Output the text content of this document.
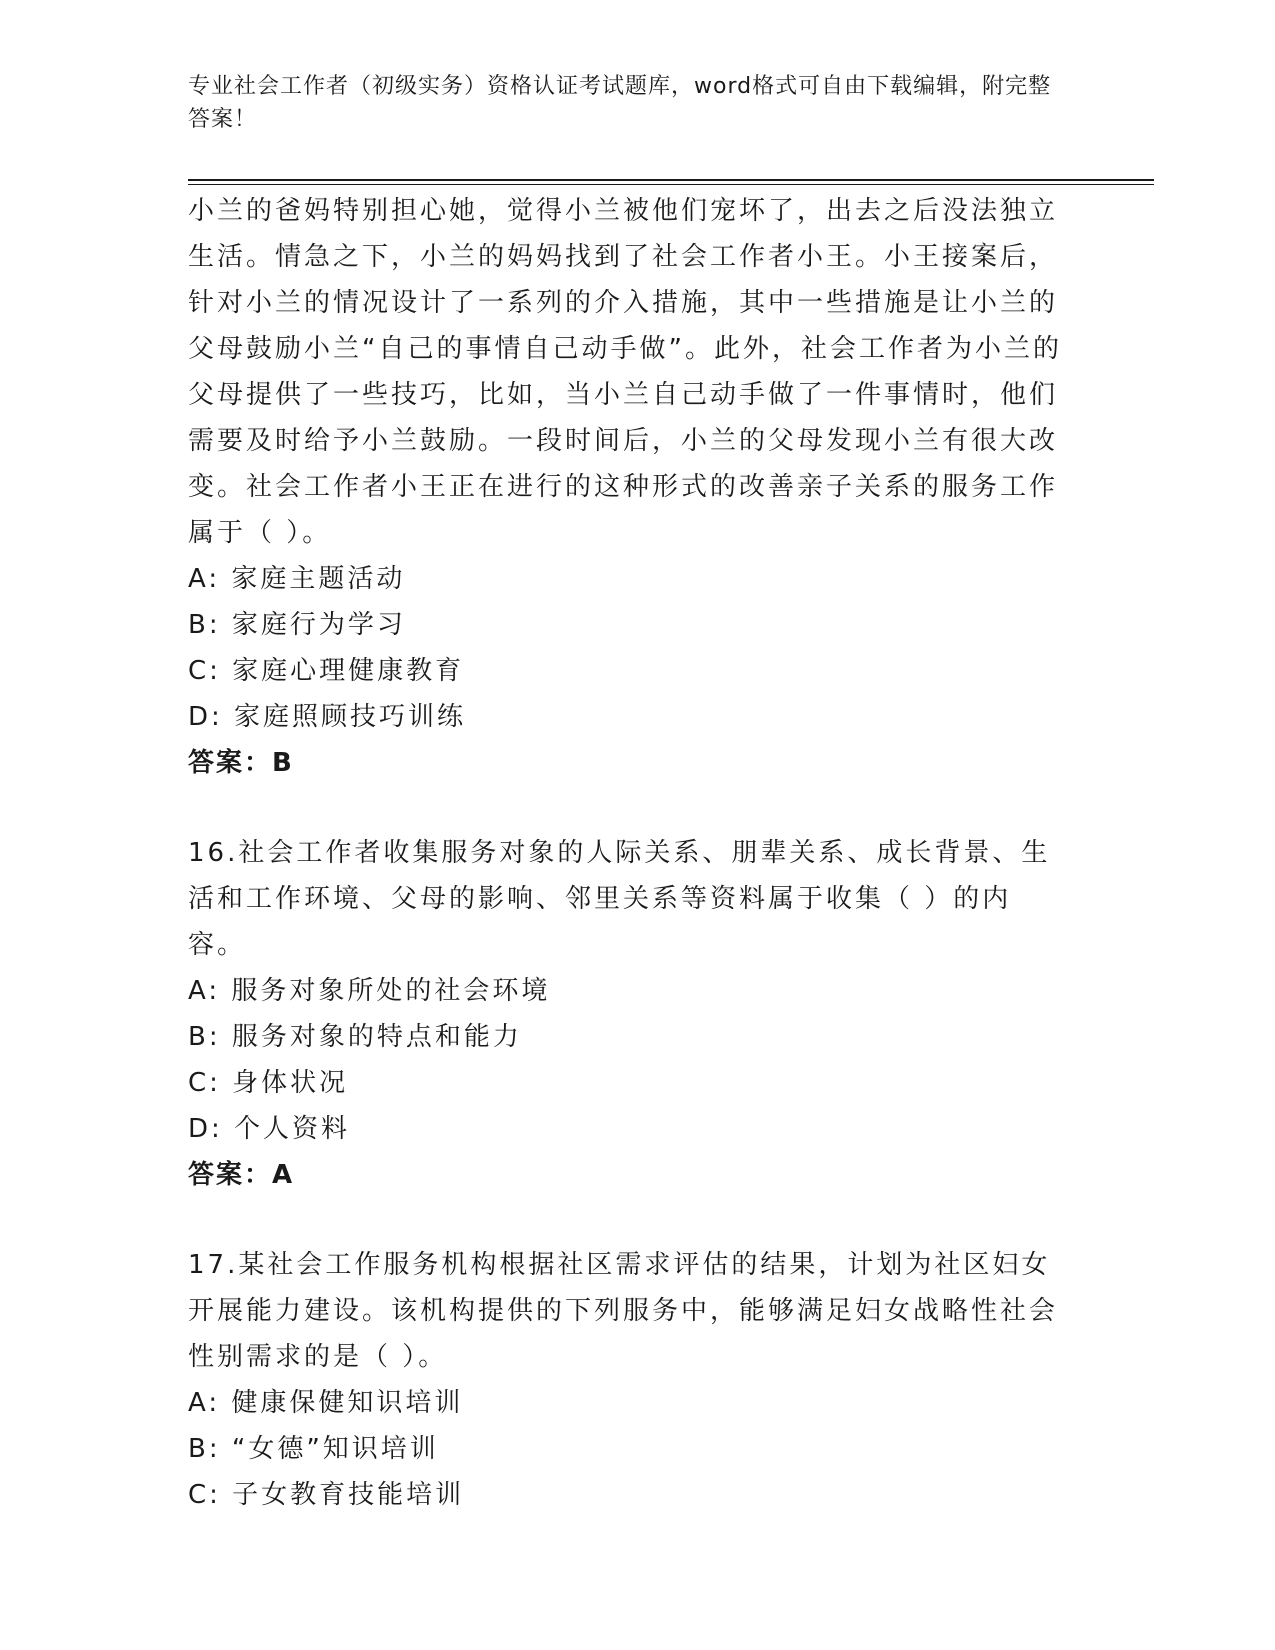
专业社会工作者（初级实务）资格认证考试题库，word格式可自由下载编辑，附完整答案！

小兰的爸妈特别担心她，觉得小兰被他们宠坏了，出去之后没法独立生活。情急之下，小兰的妈妈找到了社会工作者小王。小王接案后，针对小兰的情况设计了一系列的介入措施，其中一些措施是让小兰的父母鼓励小兰“自己的事情自己动手做”。此外，社会工作者为小兰的父母提供了一些技巧，比如，当小兰自己动手做了一件事情时，他们需要及时给予小兰鼓励。一段时间后，小兰的父母发现小兰有很大改变。社会工作者小王正在进行的这种形式的改善亲子关系的服务工作属于（ ）。

A: 家庭主题活动

B: 家庭行为学习

C: 家庭心理健康教育

D: 家庭照顾技巧训练

答案：B

16.社会工作者收集服务对象的人际关系、朋辈关系、成长背景、生活和工作环境、父母的影响、邻里关系等资料属于收集（ ）的内容。

A: 服务对象所处的社会环境

B: 服务对象的特点和能力

C: 身体状况

D: 个人资料

答案：A

17.某社会工作服务机构根据社区需求评估的结果，计划为社区妇女开展能力建设。该机构提供的下列服务中，能够满足妇女战略性社会性别需求的是（ ）。

A: 健康保健知识培训

B: “女德”知识培训

C: 子女教育技能培训
